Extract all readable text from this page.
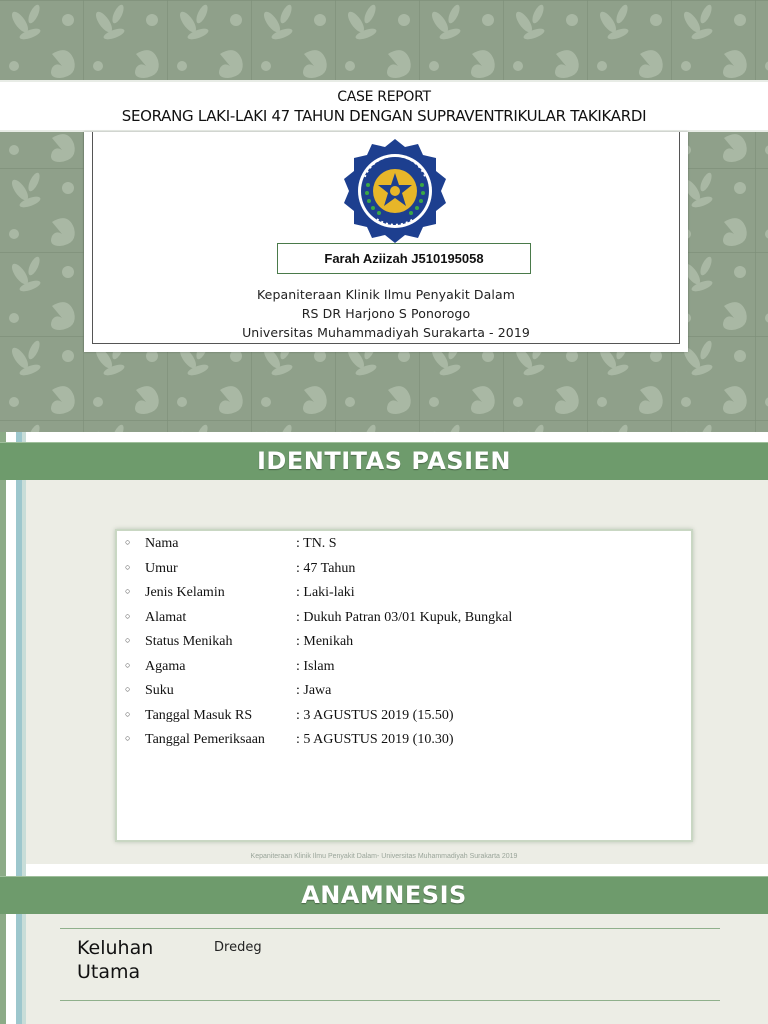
CASE REPORT
SEORANG LAKI-LAKI 47 TAHUN DENGAN SUPRAVENTRIKULAR TAKIKARDI
Farah Aziizah J510195058
Kepaniteraan Klinik Ilmu Penyakit Dalam
RS DR Harjono S Ponorogo
Universitas Muhammadiyah Surakarta - 2019
IDENTITAS PASIEN
○ Nama	: TN. S
○ Umur	: 47 Tahun
○ Jenis Kelamin	: Laki-laki
○ Alamat	: Dukuh Patran 03/01 Kupuk, Bungkal
○ Status Menikah	: Menikah
○ Agama	: Islam
○ Suku	: Jawa
○ Tanggal Masuk RS	: 3 AGUSTUS 2019 (15.50)
○ Tanggal Pemeriksaan : 5 AGUSTUS 2019 (10.30)
Kepaniteraan Klinik Ilmu Penyakit Dalam- Universitas Muhammadiyah Surakarta 2019
ANAMNESIS
Keluhan Utama
Dredeg
